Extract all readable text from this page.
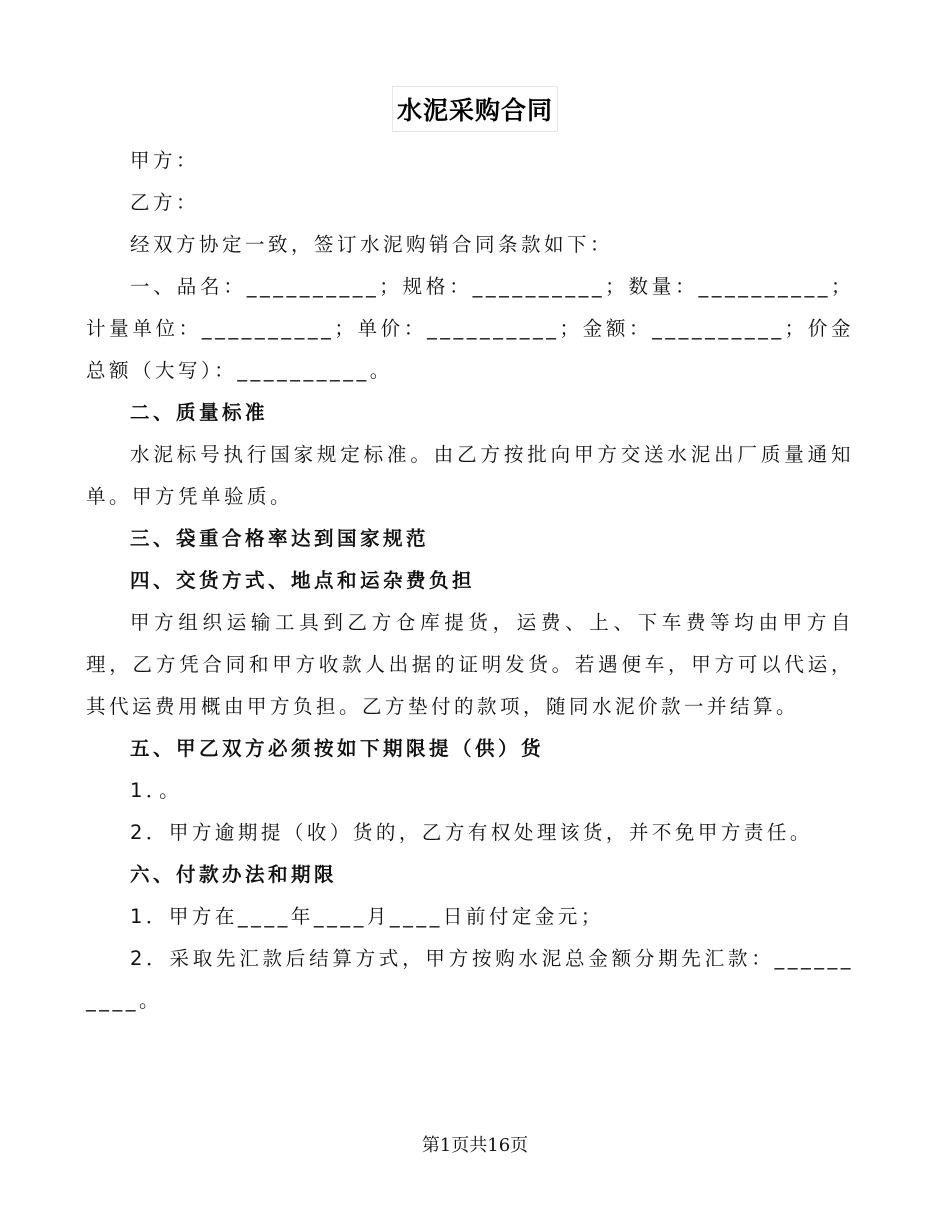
水泥采购合同

甲方：

乙方：

经双方协定一致，签订水泥购销合同条款如下：

一、品名：__________；规格：__________；数量：__________；计量单位：__________；单价：__________；金额：__________；价金总额（大写）：__________。

二、质量标准

水泥标号执行国家规定标准。由乙方按批向甲方交送水泥出厂质量通知单。甲方凭单验质。

三、袋重合格率达到国家规范

四、交货方式、地点和运杂费负担

甲方组织运输工具到乙方仓库提货，运费、上、下车费等均由甲方自理，乙方凭合同和甲方收款人出据的证明发货。若遇便车，甲方可以代运，其代运费用概由甲方负担。乙方垫付的款项，随同水泥价款一并结算。

五、甲乙双方必须按如下期限提（供）货

1．。

2．甲方逾期提（收）货的，乙方有权处理该货，并不免甲方责任。

六、付款办法和期限

1．甲方在____年____月____日前付定金元；

2．采取先汇款后结算方式，甲方按购水泥总金额分期先汇款：__________。

第1页共16页
